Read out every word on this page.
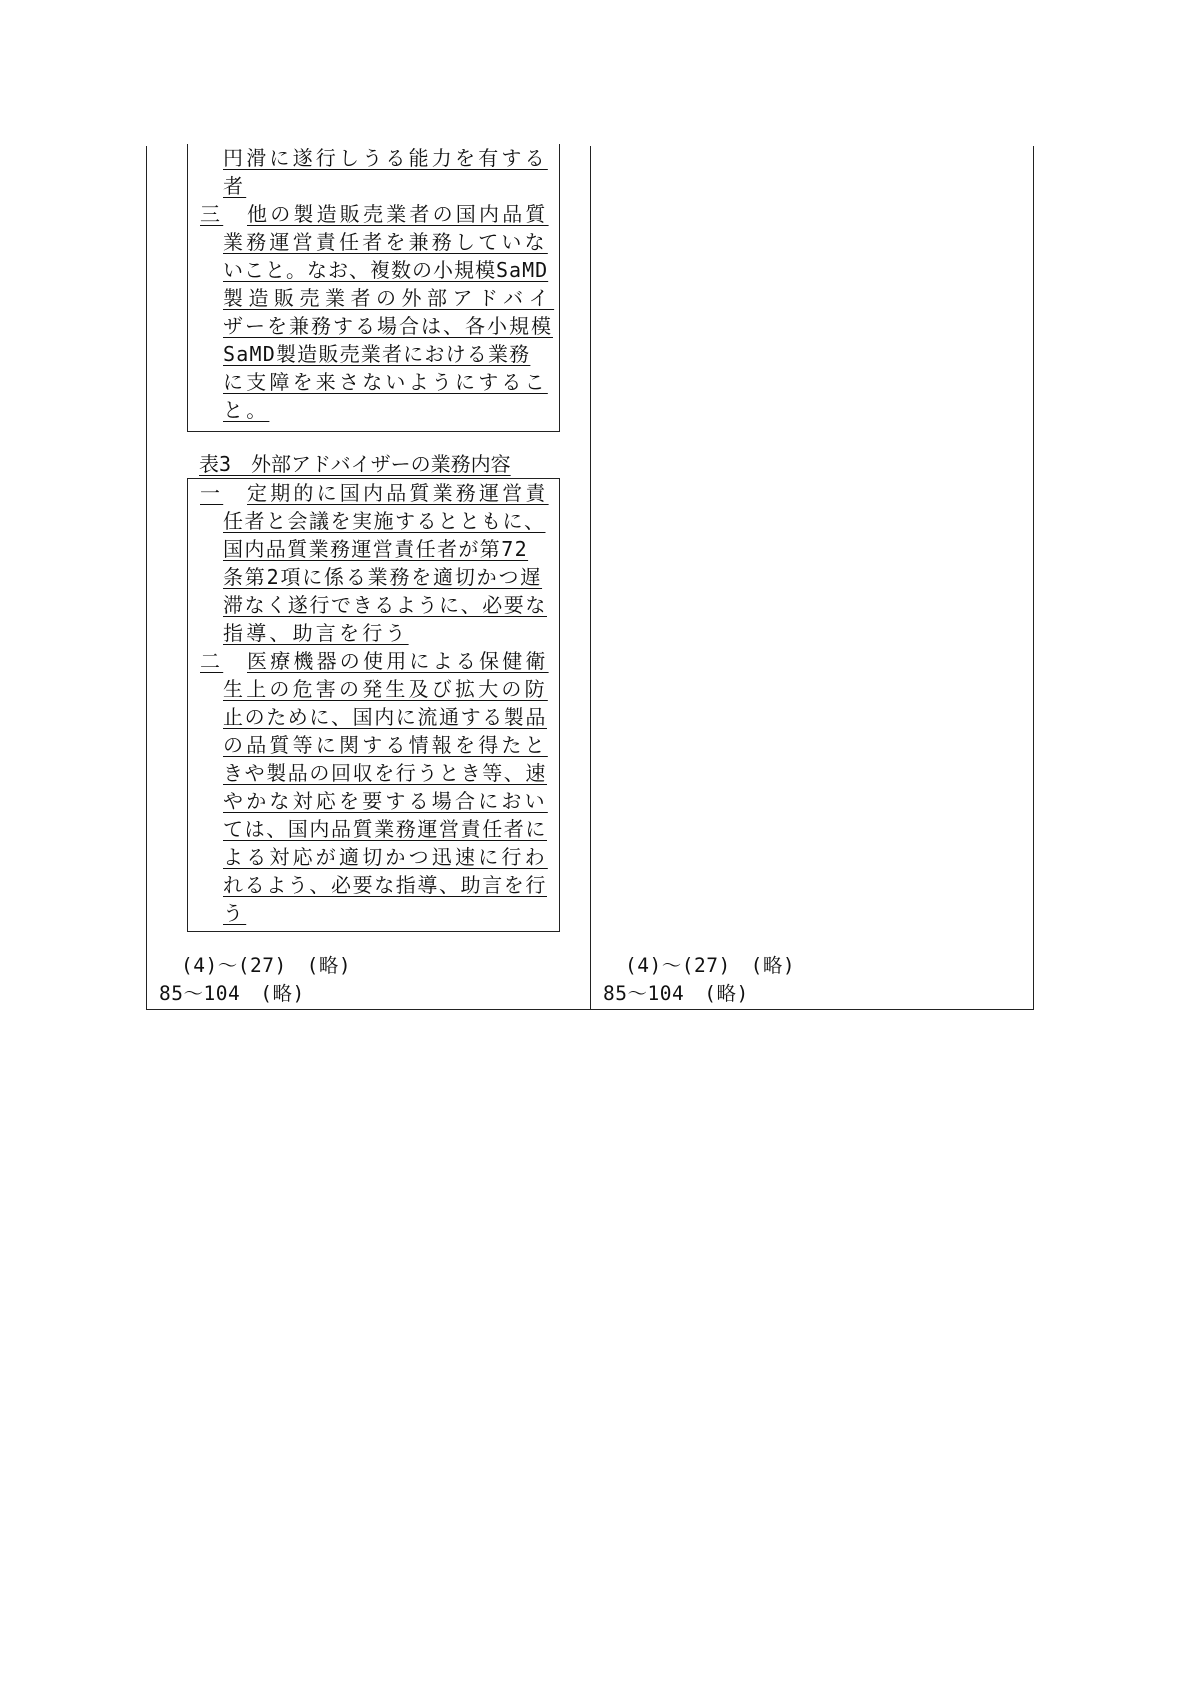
円滑に遂行しうる能力を有する
者
三 他の製造販売業者の国内品質
業務運営責任者を兼務していな
いこと。なお、複数の小規模SaMD
製造販売業者の外部アドバイ
ザーを兼務する場合は、各小規模
SaMD製造販売業者における業務
に支障を来さないようにするこ
と。
表3　外部アドバイザーの業務内容
一 定期的に国内品質業務運営責
任者と会議を実施するとともに、
国内品質業務運営責任者が第72
条第2項に係る業務を適切かつ遅
滞なく遂行できるように、必要な
指導、助言を行う
二 医療機器の使用による保健衛
生上の危害の発生及び拡大の防
止のために、国内に流通する製品
の品質等に関する情報を得たと
きや製品の回収を行うとき等、速
やかな対応を要する場合におい
ては、国内品質業務運営責任者に
よる対応が適切かつ迅速に行わ
れるよう、必要な指導、助言を行
う
(4)～(27)　(略)
85～104　(略)
(4)～(27)　(略)
85～104　(略)
